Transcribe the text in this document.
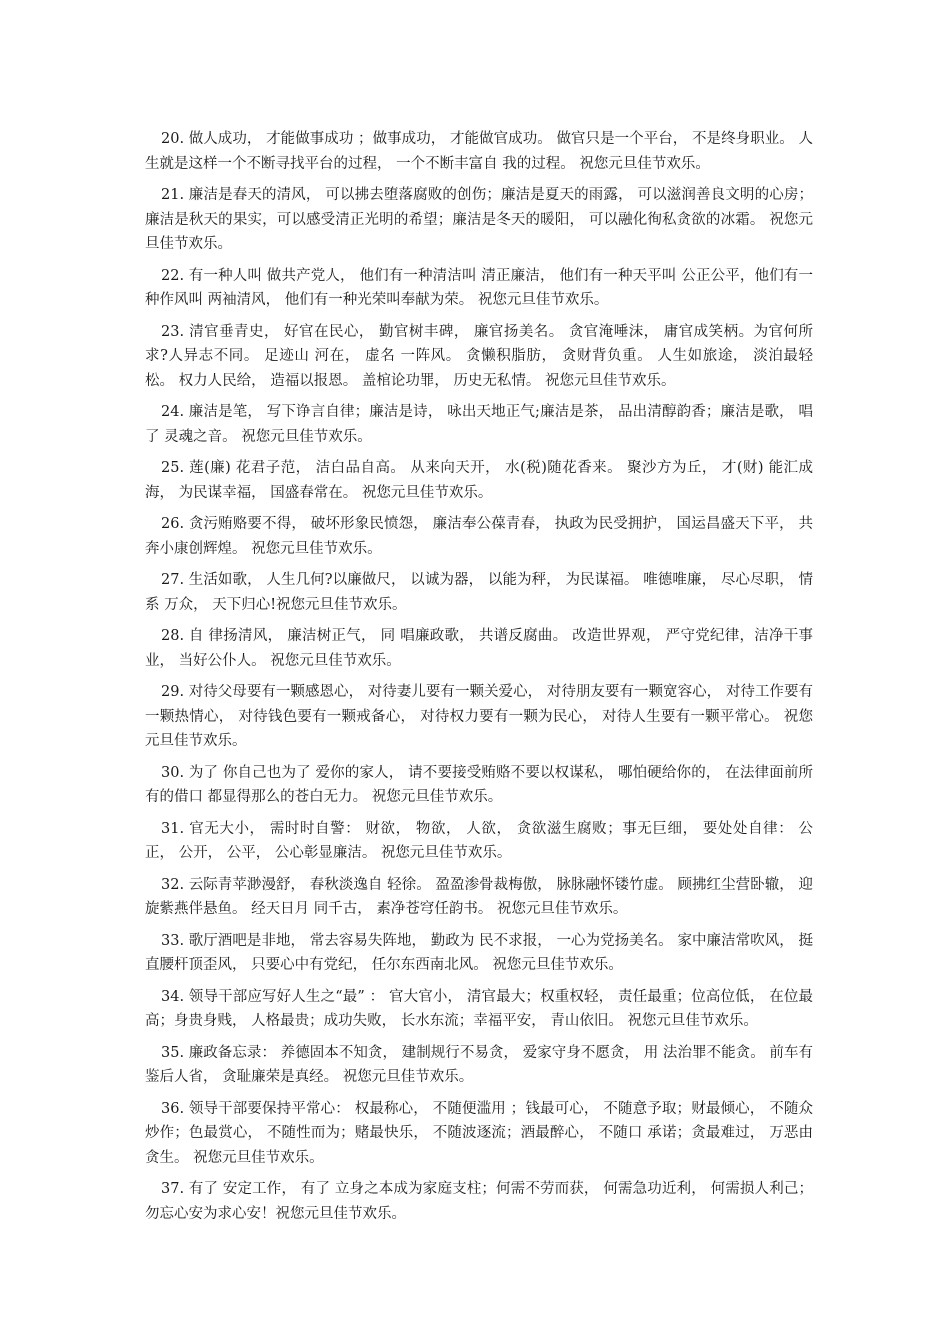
20. 做人成功， 才能做事成功 ；做事成功， 才能做官成功。 做官只是一个平台， 不是终身职业。 人生就是这样一个不断寻找平台的过程， 一个不断丰富自 我的过程。 祝您元旦佳节欢乐。

21. 廉洁是春天的清风， 可以拂去堕落腐败的创伤；廉洁是夏天的雨露， 可以滋润善良文明的心房；廉洁是秋天的果实，可以感受清正光明的希望；廉洁是冬天的暖阳， 可以融化徇私贪欲的冰霜。 祝您元旦佳节欢乐。

22. 有一种人叫 做共产党人， 他们有一种清洁叫 清正廉洁， 他们有一种天平叫 公正公平，他们有一种作风叫 两袖清风， 他们有一种光荣叫奉献为荣。 祝您元旦佳节欢乐。

23. 清官垂青史， 好官在民心， 勤官树丰碑， 廉官扬美名。 贪官淹唾沫， 庸官成笑柄。为官何所求?人异志不同。 足迹山 河在， 虚名 一阵风。 贪懒积脂肪， 贪财背负重。 人生如旅途， 淡泊最轻松。 权力人民给， 造福以报恩。 盖棺论功罪， 历史无私情。 祝您元旦佳节欢乐。

24. 廉洁是笔， 写下诤言自律；廉洁是诗， 咏出天地正气;廉洁是茶， 品出清醇韵香；廉洁是歌， 唱了 灵魂之音。 祝您元旦佳节欢乐。

25. 莲(廉) 花君子范， 洁白品自高。 从来向天开， 水(税)随花香来。 聚沙方为丘， 才(财) 能汇成海， 为民谋幸福， 国盛春常在。 祝您元旦佳节欢乐。

26. 贪污贿赂要不得， 破坏形象民愤怨， 廉洁奉公葆青春， 执政为民受拥护， 国运昌盛天下平， 共奔小康创辉煌。 祝您元旦佳节欢乐。

27. 生活如歌， 人生几何?以廉做尺， 以诚为器， 以能为秤， 为民谋福。 唯德唯廉， 尽心尽职， 情系 万众， 天下归心!祝您元旦佳节欢乐。

28. 自 律扬清风， 廉洁树正气， 同 唱廉政歌， 共谱反腐曲。 改造世界观， 严守党纪律，洁净干事业， 当好公仆人。 祝您元旦佳节欢乐。

29. 对待父母要有一颗感恩心， 对待妻儿要有一颗关爱心， 对待朋友要有一颗宽容心， 对待工作要有一颗热情心， 对待钱色要有一颗戒备心， 对待权力要有一颗为民心， 对待人生要有一颗平常心。 祝您元旦佳节欢乐。

30. 为了 你自己也为了 爱你的家人， 请不要接受贿赂不要以权谋私， 哪怕硬给你的， 在法律面前所有的借口 都显得那么的苍白无力。 祝您元旦佳节欢乐。

31. 官无大小， 需时时自警： 财欲， 物欲， 人欲， 贪欲滋生腐败；事无巨细， 要处处自律： 公正， 公开， 公平， 公心彰显廉洁。 祝您元旦佳节欢乐。

32. 云际青苹渺漫舒， 春秋淡逸自 轻徐。 盈盈渗骨裁梅傲， 脉脉融怀镂竹虚。 顾拂红尘营卧辙， 迎旋紫燕伴悬鱼。 经天日月 同千古， 素净苍穹任韵书。 祝您元旦佳节欢乐。

33. 歌厅酒吧是非地， 常去容易失阵地， 勤政为 民不求报， 一心为党扬美名。 家中廉洁常吹风， 挺直腰杆顶歪风， 只要心中有党纪， 任尔东西南北风。 祝您元旦佳节欢乐。

34. 领导干部应写好人生之“最” ： 官大官小， 清官最大；权重权轻， 责任最重；位高位低， 在位最高；身贵身贱， 人格最贵；成功失败， 长水东流；幸福平安， 青山依旧。 祝您元旦佳节欢乐。

35. 廉政备忘录： 养德固本不知贪， 建制规行不易贪， 爱家守身不愿贪， 用 法治罪不能贪。 前车有鉴后人省， 贪耻廉荣是真经。 祝您元旦佳节欢乐。

36. 领导干部要保持平常心： 权最称心， 不随便滥用 ；钱最可心， 不随意予取；财最倾心， 不随众炒作；色最赏心， 不随性而为；赌最快乐， 不随波逐流；酒最醉心， 不随口 承诺；贪最难过， 万恶由贪生。 祝您元旦佳节欢乐。

37. 有了 安定工作， 有了 立身之本成为家庭支柱；何需不劳而获， 何需急功近利， 何需损人利己；勿忘心安为求心安！祝您元旦佳节欢乐。
